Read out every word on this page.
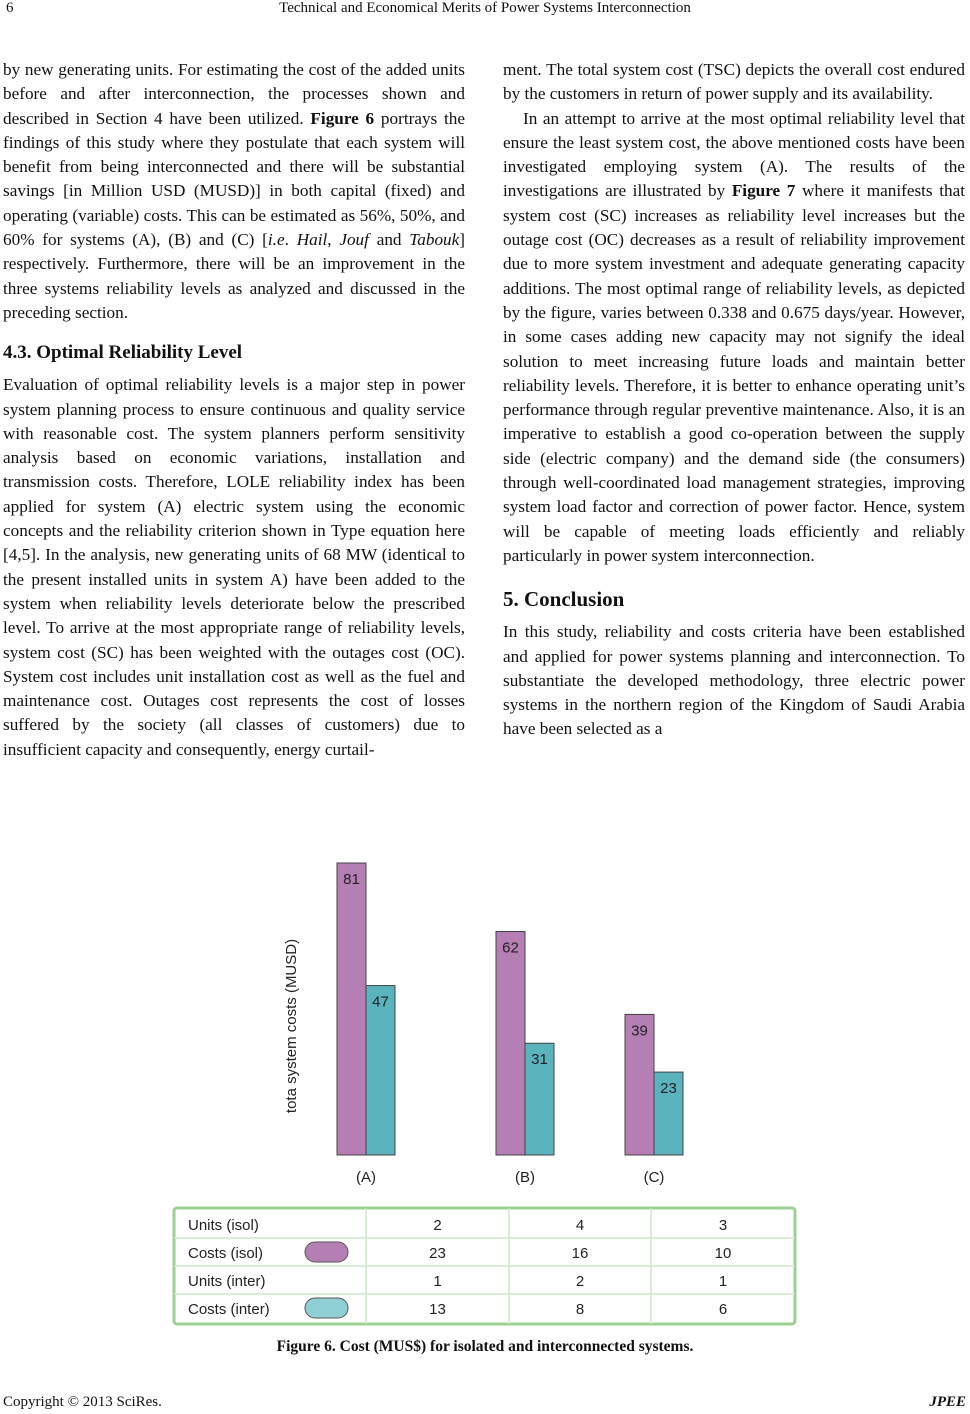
6	Technical and Economical Merits of Power Systems Interconnection

by new generating units. For estimating the cost of the added units before and after interconnection, the processes shown and described in Section 4 have been utilized. Figure 6 portrays the findings of this study where they postulate that each system will benefit from being interconnected and there will be substantial savings [in Million USD (MUSD)] in both capital (fixed) and operating (variable) costs. This can be estimated as 56%, 50%, and 60% for systems (A), (B) and (C) [i.e. Hail, Jouf and Tabouk] respectively. Furthermore, there will be an improvement in the three systems reliability levels as analyzed and discussed in the preceding section.

4.3. Optimal Reliability Level

Evaluation of optimal reliability levels is a major step in power system planning process to ensure continuous and quality service with reasonable cost. The system planners perform sensitivity analysis based on economic variations, installation and transmission costs. Therefore, LOLE reliability index has been applied for system (A) electric system using the economic concepts and the reliability criterion shown in Type equation here [4,5]. In the analysis, new generating units of 68 MW (identical to the present installed units in system A) have been added to the system when reliability levels deteriorate below the prescribed level. To arrive at the most appropriate range of reliability levels, system cost (SC) has been weighted with the outages cost (OC). System cost includes unit installation cost as well as the fuel and maintenance cost. Outages cost represents the cost of losses suffered by the society (all classes of customers) due to insufficient capacity and consequently, energy curtail-

ment. The total system cost (TSC) depicts the overall cost endured by the customers in return of power supply and its availability.

In an attempt to arrive at the most optimal reliability level that ensure the least system cost, the above mentioned costs have been investigated employing system (A). The results of the investigations are illustrated by Figure 7 where it manifests that system cost (SC) increases as reliability level increases but the outage cost (OC) decreases as a result of reliability improvement due to more system investment and adequate generating capacity additions. The most optimal range of reliability levels, as depicted by the figure, varies between 0.338 and 0.675 days/year. However, in some cases adding new capacity may not signify the ideal solution to meet increasing future loads and maintain better reliability levels. Therefore, it is better to enhance operating unit’s performance through regular preventive maintenance. Also, it is an imperative to establish a good co-operation between the supply side (electric company) and the demand side (the consumers) through well-coordinated load management strategies, improving system load factor and correction of power factor. Hence, system will be capable of meeting loads efficiently and reliably particularly in power system interconnection.

5. Conclusion

In this study, reliability and costs criteria have been established and applied for power systems planning and interconnection. To substantiate the developed methodology, three electric power systems in the northern region of the Kingdom of Saudi Arabia have been selected as a

tota system costs (MUSD)
81
47
(A)
62
31
(B)
39
23
(C)
Units (isol)	2	4	3
Costs (isol)	23	16	10
Units (inter)	1	2	1
Costs (inter)	13	8	6
Figure 6. Cost (MUS$) for isolated and interconnected systems.
Copyright © 2013 SciRes.	JPEE
